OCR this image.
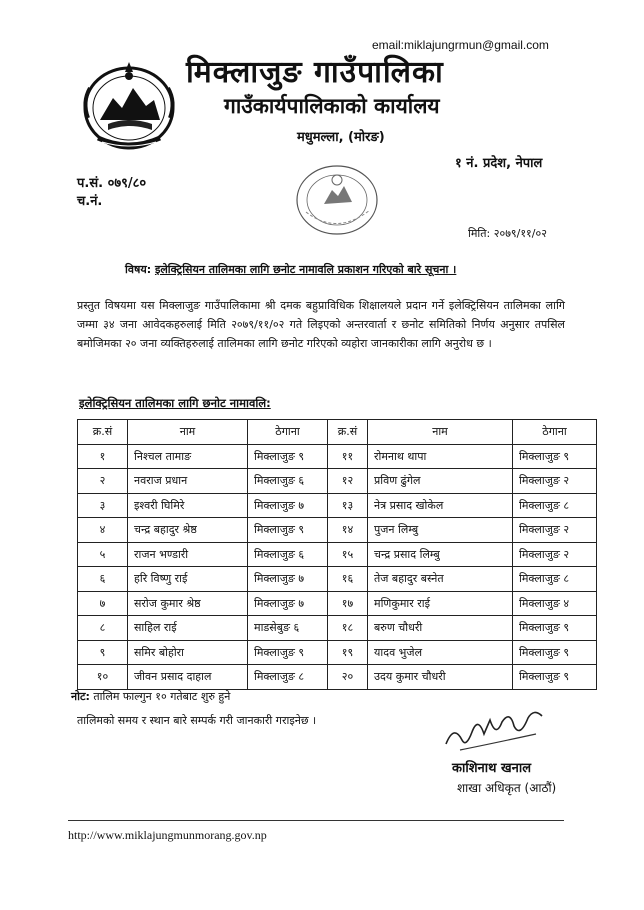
email:miklajungrmun@gmail.com
मिक्लाजुङ गाउँपालिका
गाउँकार्यपालिकाको कार्यालय
मधुमल्ला, (मोरङ)
१ नं. प्रदेश, नेपाल
प.सं. ०७९/८०
च.नं.
मिति: २०७९/११/०२
विषय: इलेक्ट्रिसियन तालिमका लागि छनोट नामावलि प्रकाशन गरिएको बारे सूचना ।
प्रस्तुत विषयमा यस मिक्लाजुङ गाउँपालिकामा श्री दमक बहुप्राविधिक शिक्षालयले प्रदान गर्ने इलेक्ट्रिसियन तालिमका लागि जम्मा ३४ जना आवेदकहरुलाई मिति २०७९/११/०२ गते लिइएको अन्तरवार्ता र छनोट समितिको निर्णय अनुसार तपसिल बमोजिमका २० जना व्यक्तिहरुलाई तालिमका लागि छनोट गरिएको व्यहोरा जानकारीका लागि अनुरोध छ ।
इलेक्ट्रिसियन तालिमका लागि छनोट नामावलि:
क्र.सं	नाम	ठेगाना	क्र.सं	नाम	ठेगाना
१	निश्चल तामाङ	मिक्लाजुङ ९	११	रोमनाथ थापा	मिक्लाजुङ ९
२	नवराज प्रधान	मिक्लाजुङ ६	१२	प्रविण ढुंगेल	मिक्लाजुङ २
३	इश्वरी घिमिरे	मिक्लाजुङ ७	१३	नेत्र प्रसाद खोकेल	मिक्लाजुङ ८
४	चन्द्र बहादुर श्रेष्ठ	मिक्लाजुङ ९	१४	पुजन लिम्बु	मिक्लाजुङ २
५	राजन भण्डारी	मिक्लाजुङ ६	१५	चन्द्र प्रसाद लिम्बु	मिक्लाजुङ २
६	हरि विष्णु राई	मिक्लाजुङ ७	१६	तेज बहादुर बस्नेत	मिक्लाजुङ ८
७	सरोज कुमार श्रेष्ठ	मिक्लाजुङ ७	१७	मणिकुमार राई	मिक्लाजुङ ४
८	साहिल राई	माडसेबुङ ६	१८	बरुण चौधरी	मिक्लाजुङ ९
९	समिर बोहोरा	मिक्लाजुङ ९	१९	यादव भुजेल	मिक्लाजुङ ९
१०	जीवन प्रसाद दाहाल	मिक्लाजुङ ८	२०	उदय कुमार चौधरी	मिक्लाजुङ ९
नोट: तालिम फाल्गुन १० गतेबाट शुरु हुने
तालिमको समय र स्थान बारे सम्पर्क गरी जानकारी गराइनेछ ।
काशिनाथ खनाल
शाखा अधिकृत (आठौं)
http://www.miklajungmunmorang.gov.np
